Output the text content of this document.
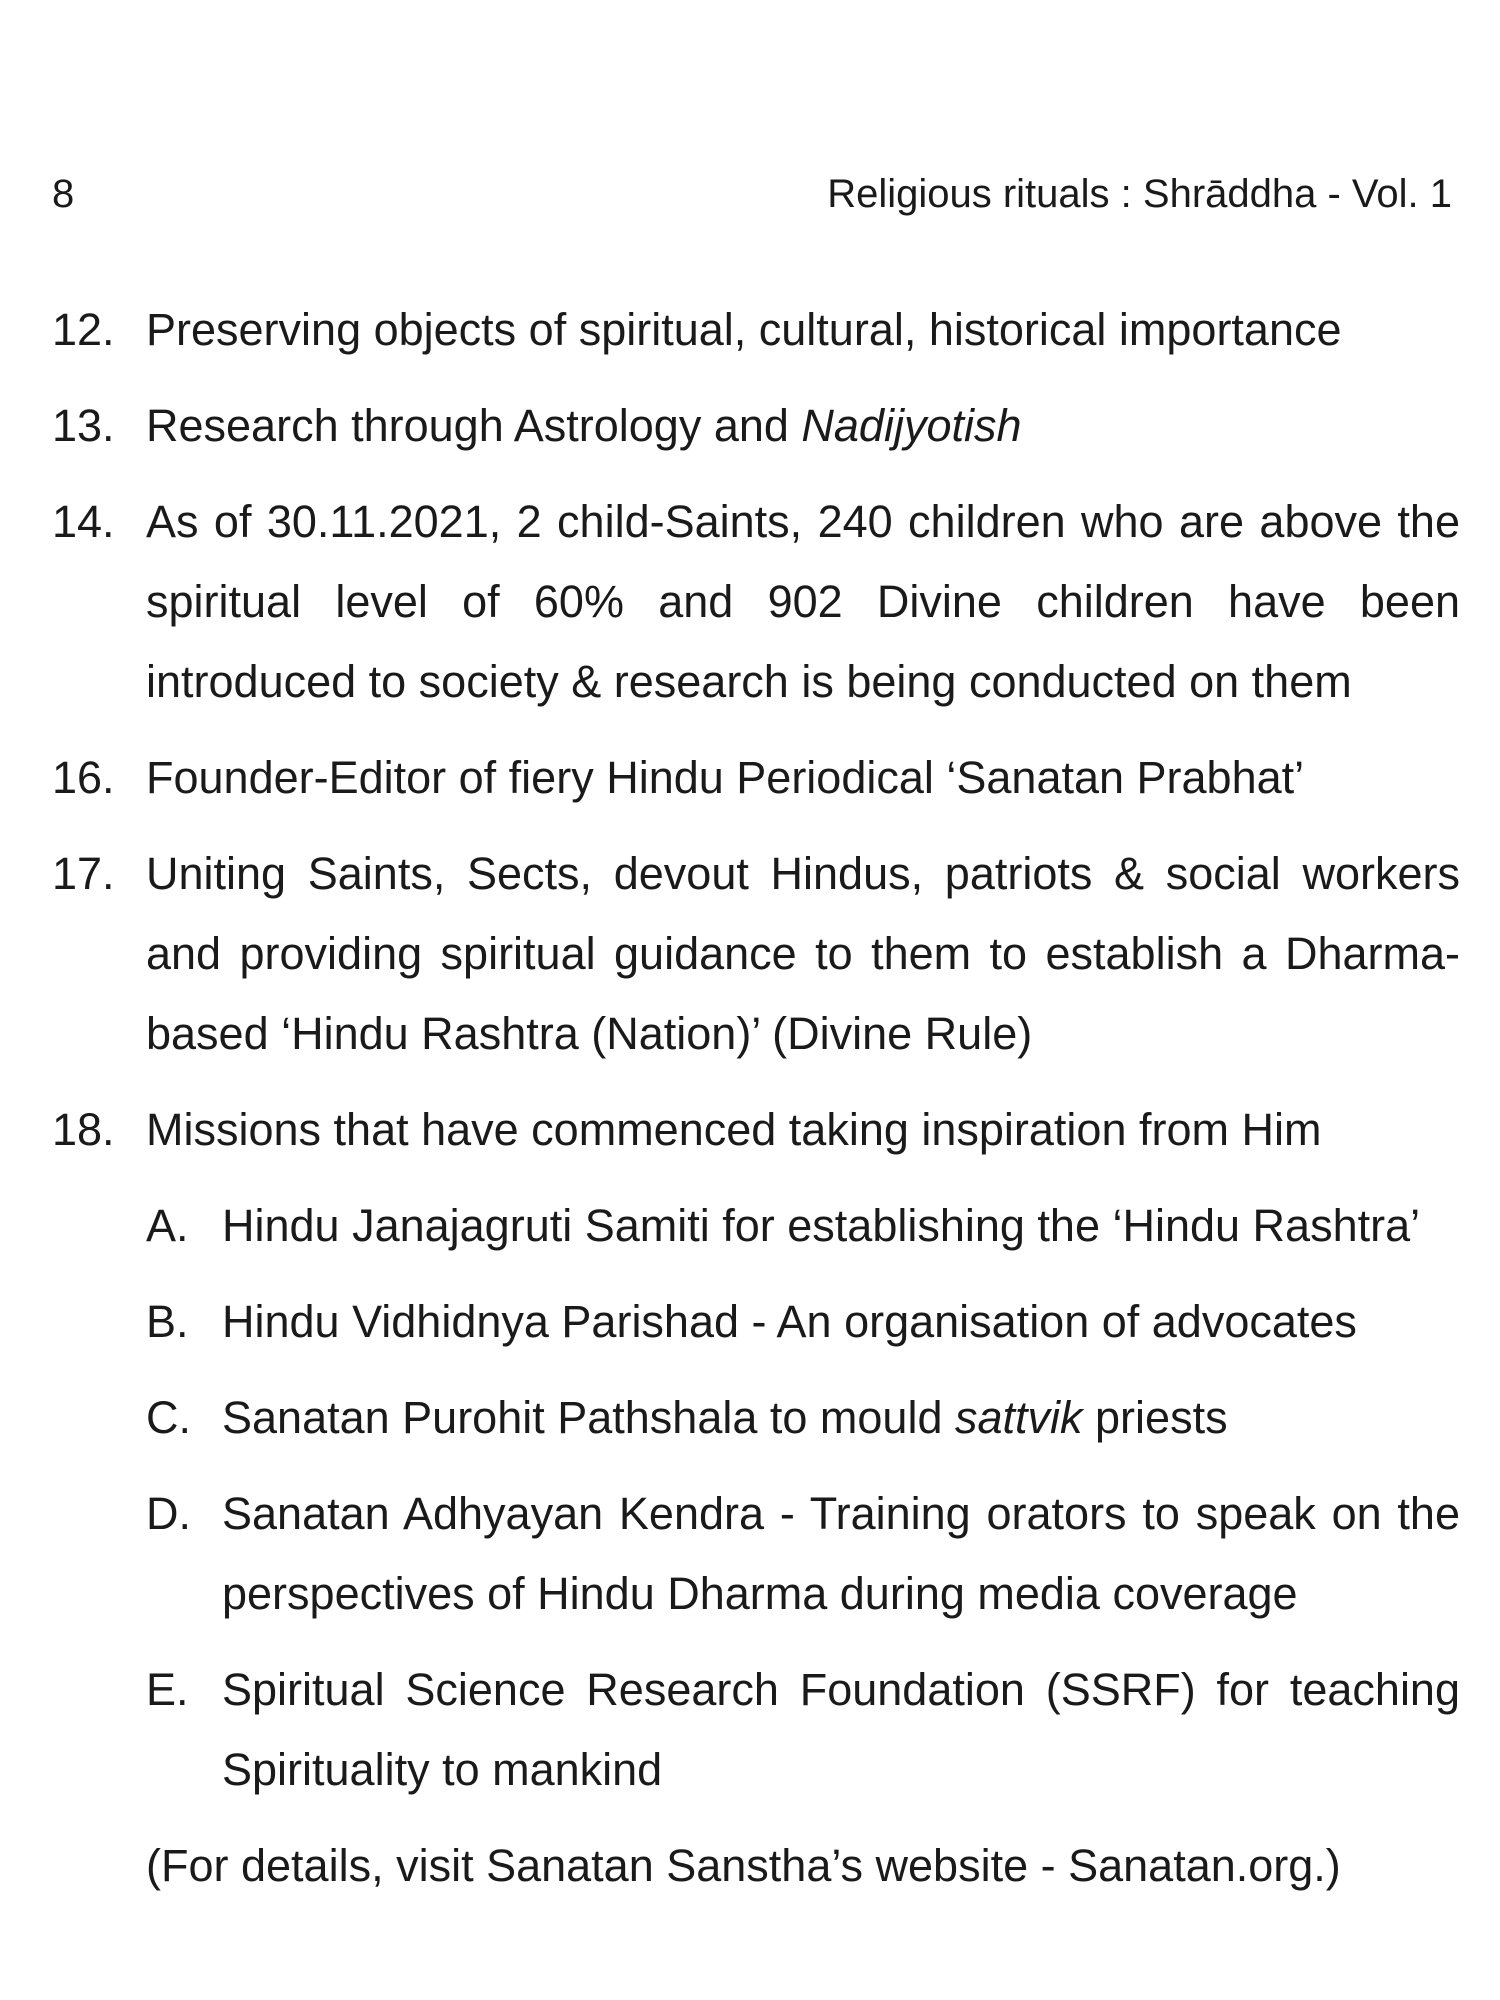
8	Religious rituals : Shrāddha - Vol. 1
12. Preserving objects of spiritual, cultural, historical importance
13. Research through Astrology and Nadijyotish
14. As of 30.11.2021, 2 child-Saints, 240 children who are above the spiritual level of 60% and 902 Divine children have been introduced to society & research is being conducted on them
16. Founder-Editor of fiery Hindu Periodical ‘Sanatan Prabhat’
17. Uniting Saints, Sects, devout Hindus, patriots & social workers and providing spiritual guidance to them to establish a Dharma-based ‘Hindu Rashtra (Nation)’ (Divine Rule)
18. Missions that have commenced taking inspiration from Him
A. Hindu Janajagruti Samiti for establishing the ‘Hindu Rashtra’
B. Hindu Vidhidnya Parishad - An organisation of advocates
C. Sanatan Purohit Pathshala to mould sattvik priests
D. Sanatan Adhyayan Kendra - Training orators to speak on the perspectives of Hindu Dharma during media coverage
E. Spiritual Science Research Foundation (SSRF) for teaching Spirituality to mankind
(For details, visit Sanatan Sanstha’s website - Sanatan.org.)
